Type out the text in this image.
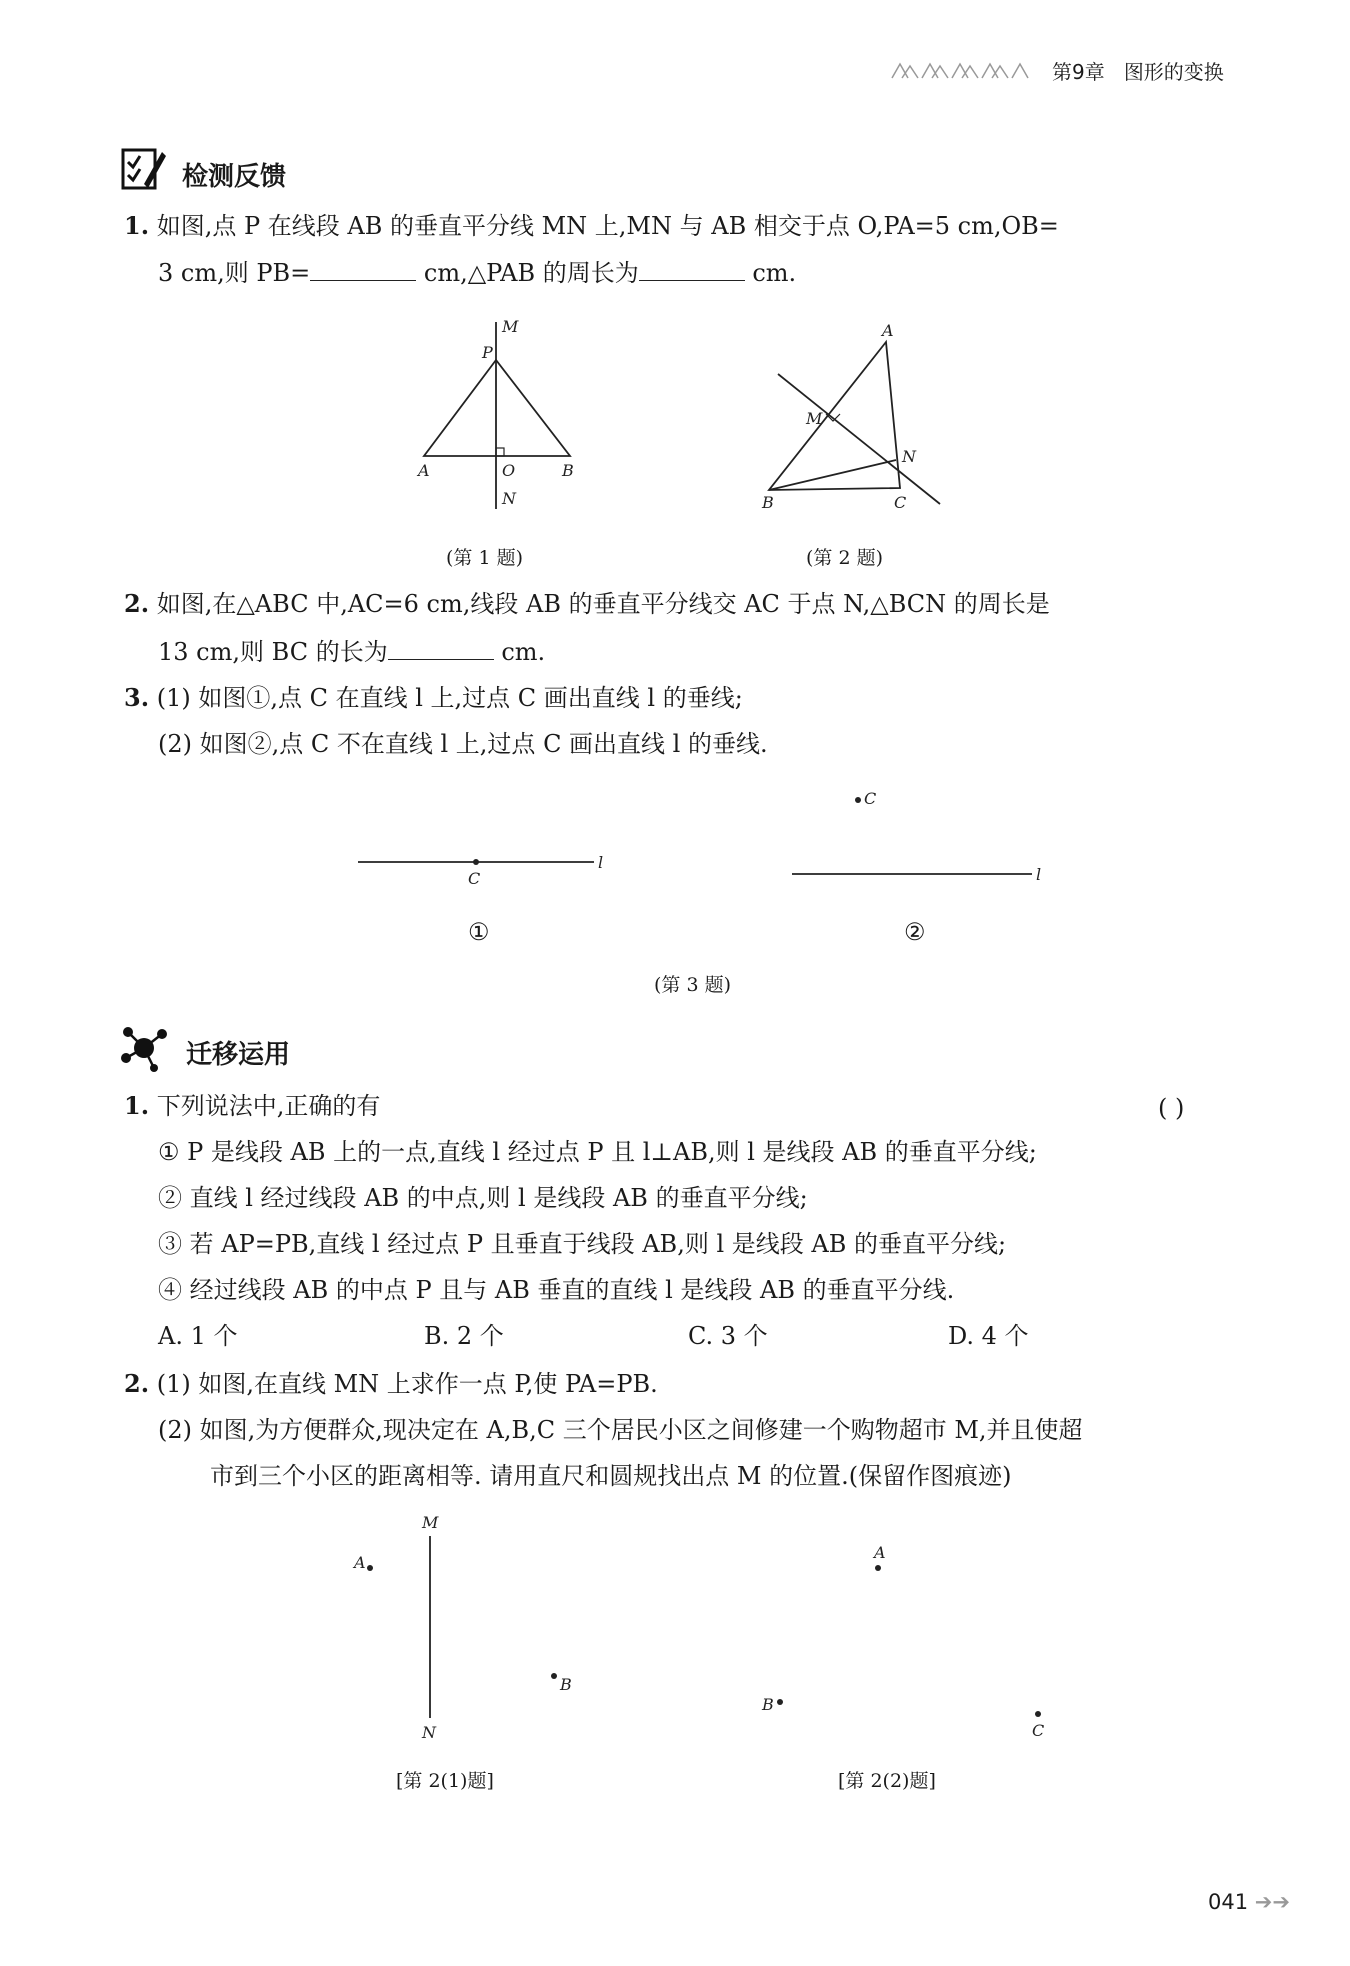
第9章 图形的变换
检测反馈
1. 如图,点 P 在线段 AB 的垂直平分线 MN 上,MN 与 AB 相交于点 O,PA=5 cm,OB=
3 cm,则 PB=	cm,△PAB 的周长为	cm.
M
P
A	O	B
N
(第 1 题)
A
M
N
B	C
(第 2 题)
2. 如图,在△ABC 中,AC=6 cm,线段 AB 的垂直平分线交 AC 于点 N,△BCN 的周长是
13 cm,则 BC 的长为	cm.
3. (1) 如图①,点 C 在直线 l 上,过点 C 画出直线 l 的垂线;
(2) 如图②,点 C 不在直线 l 上,过点 C 画出直线 l 的垂线.
C
l
C
l
①	②
(第 3 题)
迁移运用
1. 下列说法中,正确的有	( )
① P 是线段 AB 上的一点,直线 l 经过点 P 且 l⊥AB,则 l 是线段 AB 的垂直平分线;
② 直线 l 经过线段 AB 的中点,则 l 是线段 AB 的垂直平分线;
③ 若 AP=PB,直线 l 经过点 P 且垂直于线段 AB,则 l 是线段 AB 的垂直平分线;
④ 经过线段 AB 的中点 P 且与 AB 垂直的直线 l 是线段 AB 的垂直平分线.
A. 1 个	B. 2 个	C. 3 个	D. 4 个
2. (1) 如图,在直线 MN 上求作一点 P,使 PA=PB.
(2) 如图,为方便群众,现决定在 A,B,C 三个居民小区之间修建一个购物超市 M,并且使超
市到三个小区的距离相等. 请用直尺和圆规找出点 M 的位置.(保留作图痕迹)
M
A
B
N
[第 2(1)题]
A
B
C
[第 2(2)题]
041 ➔➔
